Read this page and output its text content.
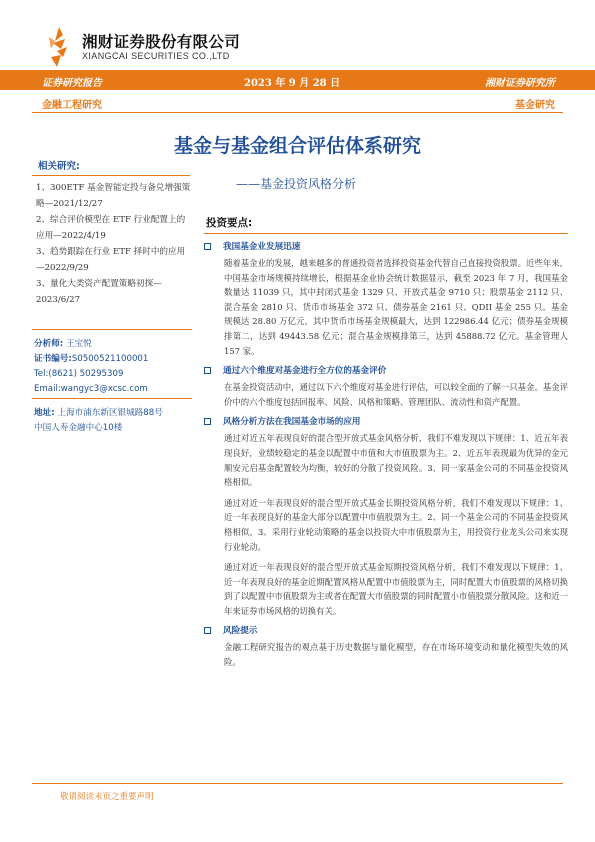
湘财证券股份有限公司
XIANGCAI SECURITIES CO.,LTD
证券研究报告	2023 年 9 月 28 日	湘财证券研究所
金融工程研究	基金研究
基金与基金组合评估体系研究
——基金投资风格分析
相关研究:
1、300ETF 基金智能定投与备兑增强策略—2021/12/27
2、综合评价模型在 ETF 行业配置上的应用—2022/4/19
3、趋势跟踪在行业 ETF 择时中的应用—2022/9/29
3、量化大类资产配置策略初探—2023/6/27
分析师: 王宝悦
证书编号:S0500521100001
Tel:(8621) 50295309
Email:wangyc3@xcsc.com
地址: 上海市浦东新区银城路88号
中国人寿金融中心10楼
投资要点:
我国基金业发展迅速
随着基金业的发展，越来越多的普通投资者选择投资基金代替自己直接投资股票。近些年来，中国基金市场规模持续增长，根据基金业协会统计数据显示，截至 2023 年 7 月，我国基金数量达 11039 只，其中封闭式基金 1329 只、开放式基金 9710 只；股票基金 2112 只、混合基金 2810 只、货币市场基金 372 只、债券基金 2161 只、QDII 基金 255 只。基金规模达 28.80 万亿元，其中货币市场基金规模最大，达到 122986.44 亿元；债券基金规模排第二，达到 49443.58 亿元；混合基金规模排第三，达到 45888.72 亿元。基金管理人 157 家。
通过六个维度对基金进行全方位的基金评价
在基金投资活动中，通过以下六个维度对基金进行评估，可以较全面的了解一只基金。基金评价中的六个维度包括回报率、风险、风格和策略、管理团队、流动性和资产配置。
风格分析方法在我国基金市场的应用
通过对近五年表现良好的混合型开放式基金风格分析，我们不难发现以下规律：1、近五年表现良好，业绩较稳定的基金以配置中市值和大市值股票为主。2、近五年表现最为优异的金元顺安元启基金配置较为均衡，较好的分散了投资风险。3、同一家基金公司的不同基金投资风格相似。
通过对近一年表现良好的混合型开放式基金长期投资风格分析，我们不难发现以下规律：1、近一年表现良好的基金大部分以配置中市值股票为主。2、同一个基金公司的不同基金投资风格相似。3、采用行业轮动策略的基金以投资大中市值股票为主，用投资行业龙头公司来实现行业轮动。
通过对近一年表现良好的混合型开放式基金短期投资风格分析，我们不难发现以下规律：1、近一年表现良好的基金近期配置风格从配置中市值股票为主，同时配置大市值股票的风格切换到了以配置中市值股票为主或者在配置大市值股票的同时配置小市值股票分散风险。这和近一年来证券市场风格的切换有关。
风险提示
金融工程研究报告的观点基于历史数据与量化模型，存在市场环境变动和量化模型失效的风险。
敬请阅读末页之重要声明
